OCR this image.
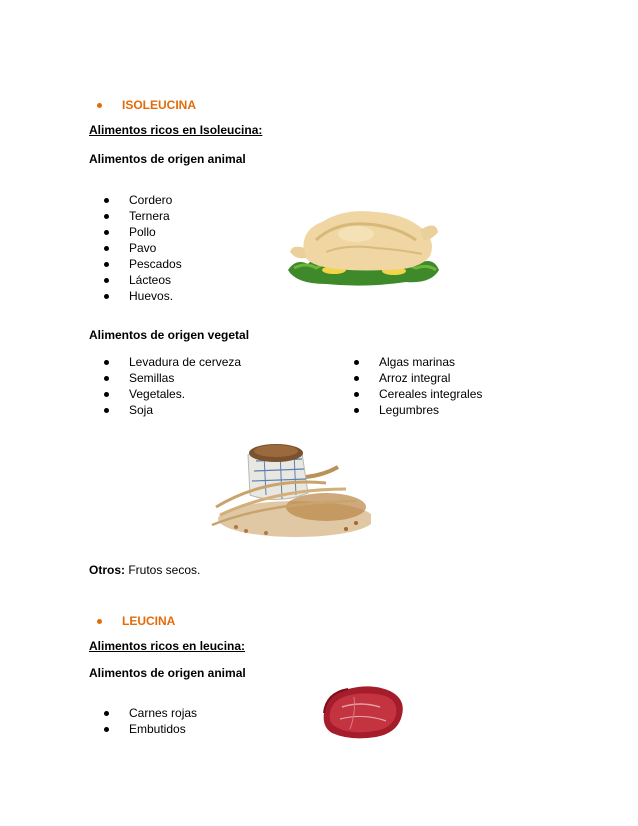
ISOLEUCINA
Alimentos ricos en Isoleucina:
Alimentos de origen animal
Cordero
Ternera
Pollo
Pavo
Pescados
Lácteos
Huevos.
Alimentos de origen vegetal
Levadura de cerveza
Semillas
Vegetales.
Soja
Algas marinas
Arroz integral
Cereales integrales
Legumbres
Otros: Frutos secos.
LEUCINA
Alimentos ricos en leucina:
Alimentos de origen animal
Carnes rojas
Embutidos
